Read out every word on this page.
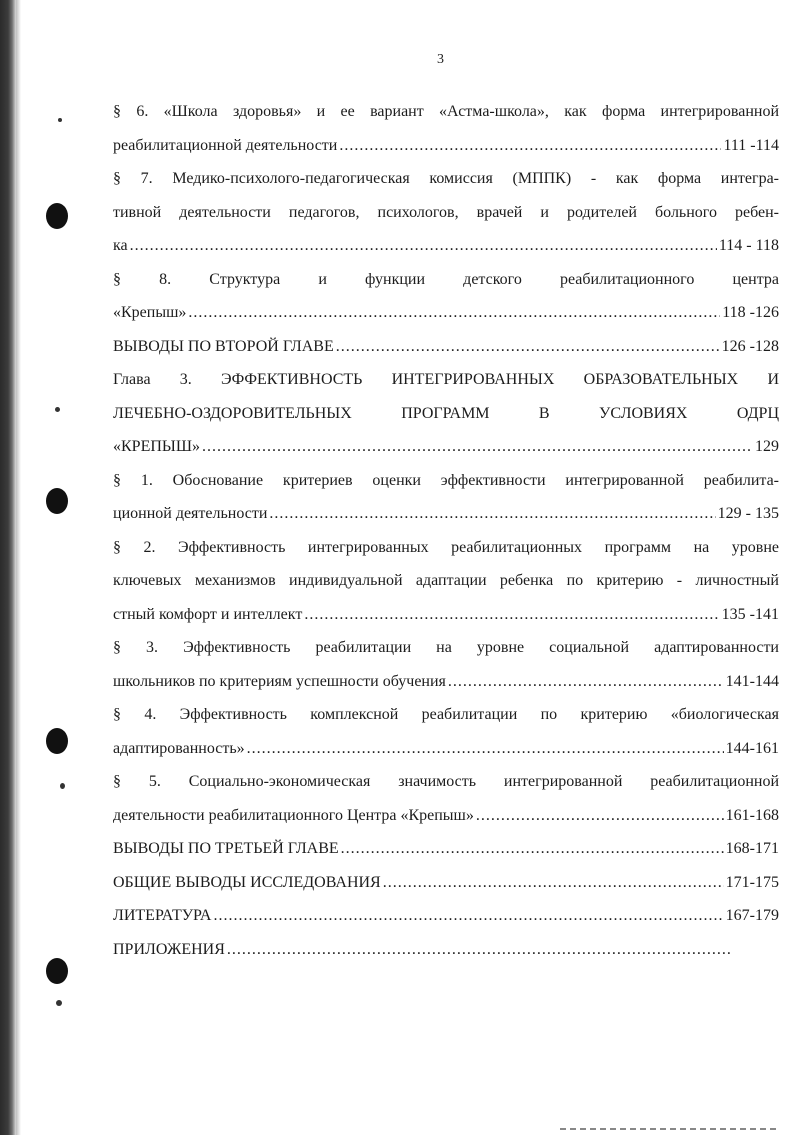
3
§ 6. «Школа здоровья» и ее вариант «Астма-школа», как форма интегрированной
реабилитационной деятельности .....	111 -114
§ 7. Медико-психолого-педагогическая комиссия (МППК) - как форма интегра-
тивной деятельности педагогов, психологов, врачей и родителей больного ребен-
ка .....	114 - 118
§ 8. Структура и функции детского реабилитационного центра
«Крепыш» .....	118 -126
ВЫВОДЫ ПО ВТОРОЙ ГЛАВЕ .....	126 -128
Глава 3. ЭФФЕКТИВНОСТЬ ИНТЕГРИРОВАННЫХ ОБРАЗОВАТЕЛЬНЫХ И
ЛЕЧЕБНО-ОЗДОРОВИТЕЛЬНЫХ ПРОГРАММ В УСЛОВИЯХ ОДРЦ
«КРЕПЫШ» .....	129
§ 1. Обоснование критериев оценки эффективности интегрированной реабилита-
ционной деятельности .....	129 - 135
§ 2. Эффективность интегрированных реабилитационных программ на уровне
ключевых механизмов индивидуальной адаптации ребенка по критерию - личностный
стный комфорт и интеллект .....	135 -141
§ 3. Эффективность реабилитации на уровне социальной адаптированности
школьников по критериям успешности обучения .....	141-144
§ 4. Эффективность комплексной реабилитации по критерию «биологическая
адаптированность» .....	144-161
§ 5. Социально-экономическая значимость интегрированной реабилитационной
деятельности реабилитационного Центра «Крепыш» .....	161-168
ВЫВОДЫ ПО ТРЕТЬЕЙ ГЛАВЕ .....	168-171
ОБЩИЕ ВЫВОДЫ ИССЛЕДОВАНИЯ .....	171-175
ЛИТЕРАТУРА .....	167-179
ПРИЛОЖЕНИЯ
.....
